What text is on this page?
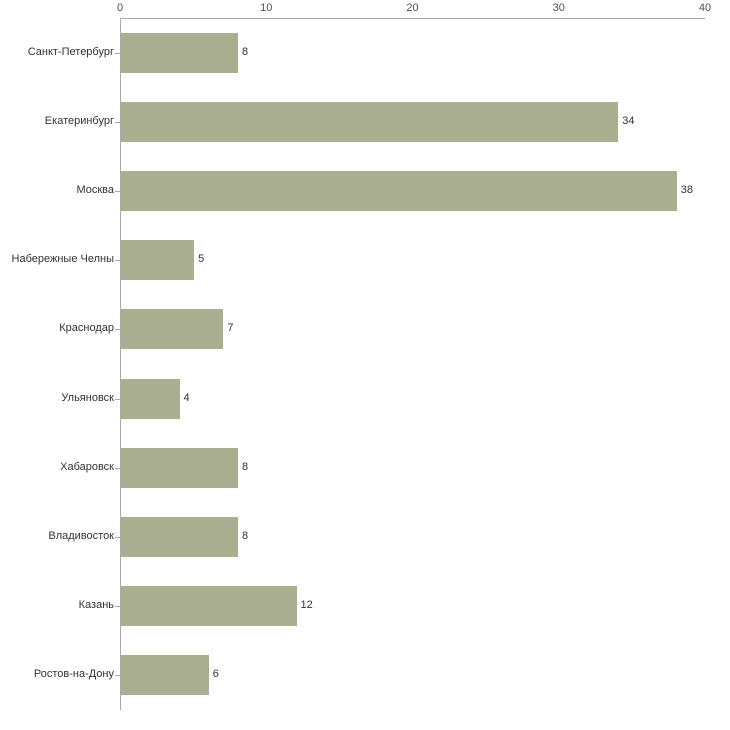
0	10	20	30	40
Санкт-Петербург	8
Екатеринбург	34
Москва	38
Набережные Челны	5
Краснодар	7
Ульяновск	4
Хабаровск	8
Владивосток	8
Казань	12
Ростов-на-Дону	6
